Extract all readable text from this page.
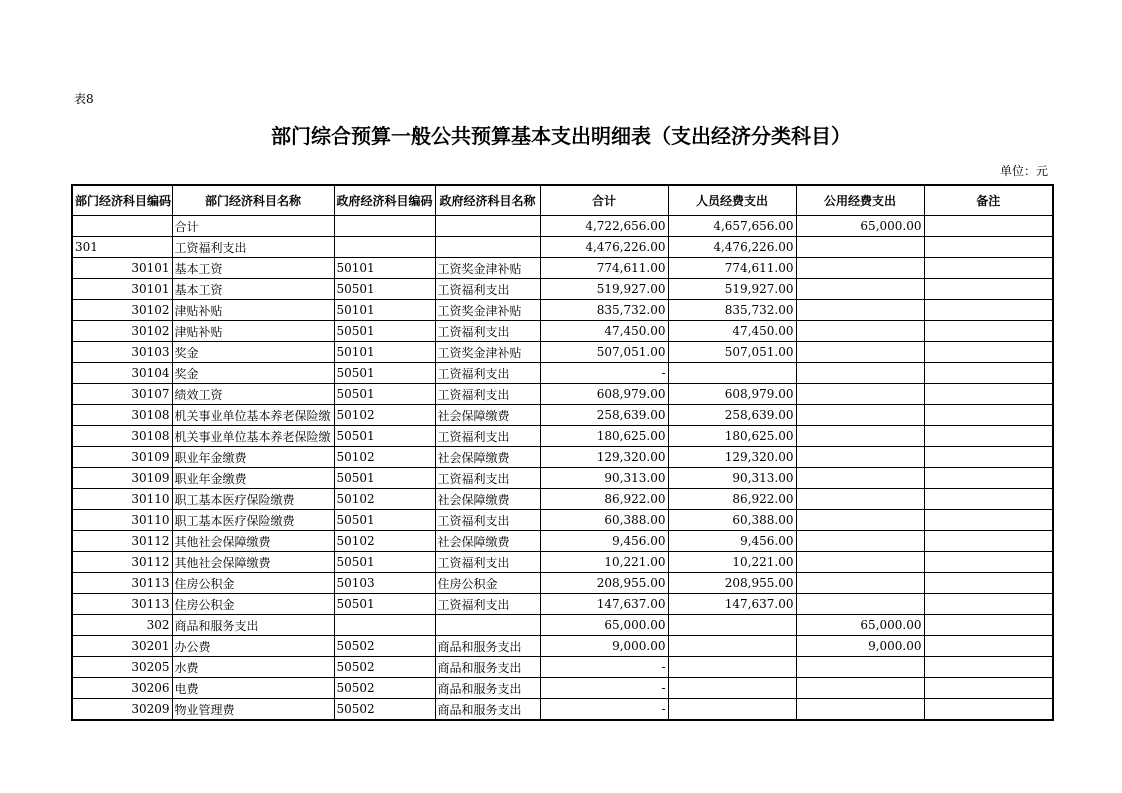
表8
部门综合预算一般公共预算基本支出明细表（支出经济分类科目）
单位：元
部门经济科目编码	部门经济科目名称	政府经济科目编码	政府经济科目名称	合计	人员经费支出	公用经费支出	备注
	合计			4,722,656.00	4,657,656.00	65,000.00	
301	工资福利支出			4,476,226.00	4,476,226.00		
30101	基本工资	50101	工资奖金津补贴	774,611.00	774,611.00		
30101	基本工资	50501	工资福利支出	519,927.00	519,927.00		
30102	津贴补贴	50101	工资奖金津补贴	835,732.00	835,732.00		
30102	津贴补贴	50501	工资福利支出	47,450.00	47,450.00		
30103	奖金	50101	工资奖金津补贴	507,051.00	507,051.00		
30104	奖金	50501	工资福利支出	-			
30107	绩效工资	50501	工资福利支出	608,979.00	608,979.00		
30108	机关事业单位基本养老保险缴	50102	社会保障缴费	258,639.00	258,639.00		
30108	机关事业单位基本养老保险缴	50501	工资福利支出	180,625.00	180,625.00		
30109	职业年金缴费	50102	社会保障缴费	129,320.00	129,320.00		
30109	职业年金缴费	50501	工资福利支出	90,313.00	90,313.00		
30110	职工基本医疗保险缴费	50102	社会保障缴费	86,922.00	86,922.00		
30110	职工基本医疗保险缴费	50501	工资福利支出	60,388.00	60,388.00		
30112	其他社会保障缴费	50102	社会保障缴费	9,456.00	9,456.00		
30112	其他社会保障缴费	50501	工资福利支出	10,221.00	10,221.00		
30113	住房公积金	50103	住房公积金	208,955.00	208,955.00		
30113	住房公积金	50501	工资福利支出	147,637.00	147,637.00		
302	商品和服务支出			65,000.00		65,000.00	
30201	办公费	50502	商品和服务支出	9,000.00		9,000.00	
30205	水费	50502	商品和服务支出	-			
30206	电费	50502	商品和服务支出	-			
30209	物业管理费	50502	商品和服务支出	-			
